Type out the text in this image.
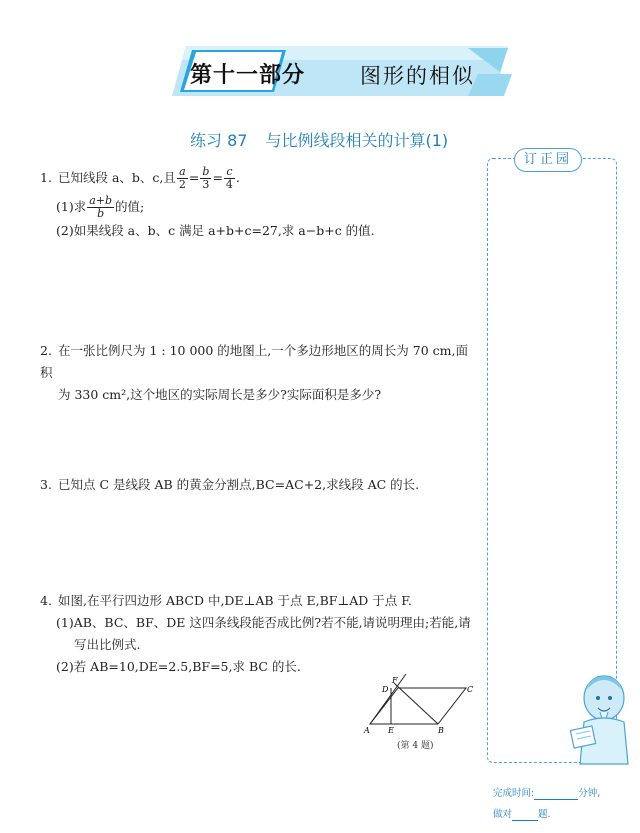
第十一部分	图形的相似
练习 87 与比例线段相关的计算(1)
订正园
1. 已知线段 a、b、c,且 $\frac{a}{2} = \frac{b}{3} = \frac{c}{4}$ .
(1)求 $\frac{a+b}{b}$ 的值;
(2)如果线段 a、b、c 满足 a+b+c=27,求 a−b+c 的值.
2. 在一张比例尺为 1 : 10 000 的地图上,一个多边形地区的周长为 70 cm,面积
为 330 cm²,这个地区的实际周长是多少?实际面积是多少?
3. 已知点 C 是线段 AB 的黄金分割点,BC=AC+2,求线段 AC 的长.
4. 如图,在平行四边形 ABCD 中,DE⊥AB 于点 E,BF⊥AD 于点 F.
(1)AB、BC、BF、DE 这四条线段能否成比例?若不能,请说明理由;若能,请
写出比例式.
(2)若 AB=10,DE=2.5,BF=5,求 BC 的长.
A E	B
C
D
F
(第 4 题)
完成时间:	分钟,
做对	题.
